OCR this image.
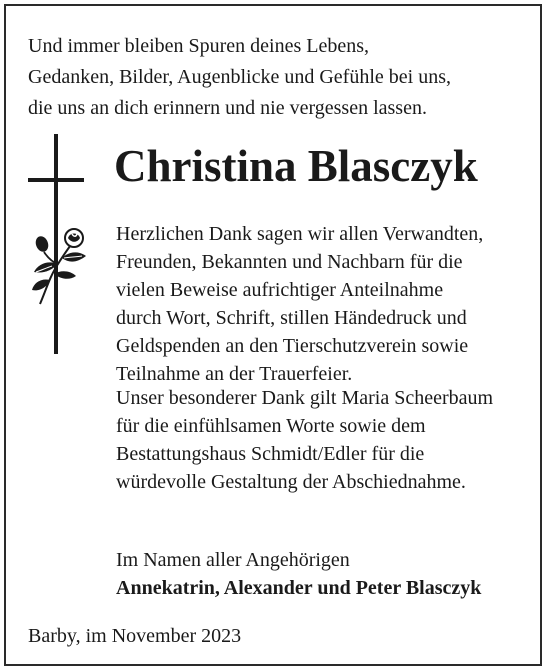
Und immer bleiben Spuren deines Lebens,
Gedanken, Bilder, Augenblicke und Gefühle bei uns,
die uns an dich erinnern und nie vergessen lassen.

Christina Blasczyk

Herzlichen Dank sagen wir allen Verwandten,
Freunden, Bekannten und Nachbarn für die
vielen Beweise aufrichtiger Anteilnahme
durch Wort, Schrift, stillen Händedruck und
Geldspenden an den Tierschutzverein sowie
Teilnahme an der Trauerfeier.

Unser besonderer Dank gilt Maria Scheerbaum
für die einfühlsamen Worte sowie dem
Bestattungshaus Schmidt/Edler für die
würdevolle Gestaltung der Abschiednahme.

Im Namen aller Angehörigen
Annekatrin, Alexander und Peter Blasczyk

Barby, im November 2023
